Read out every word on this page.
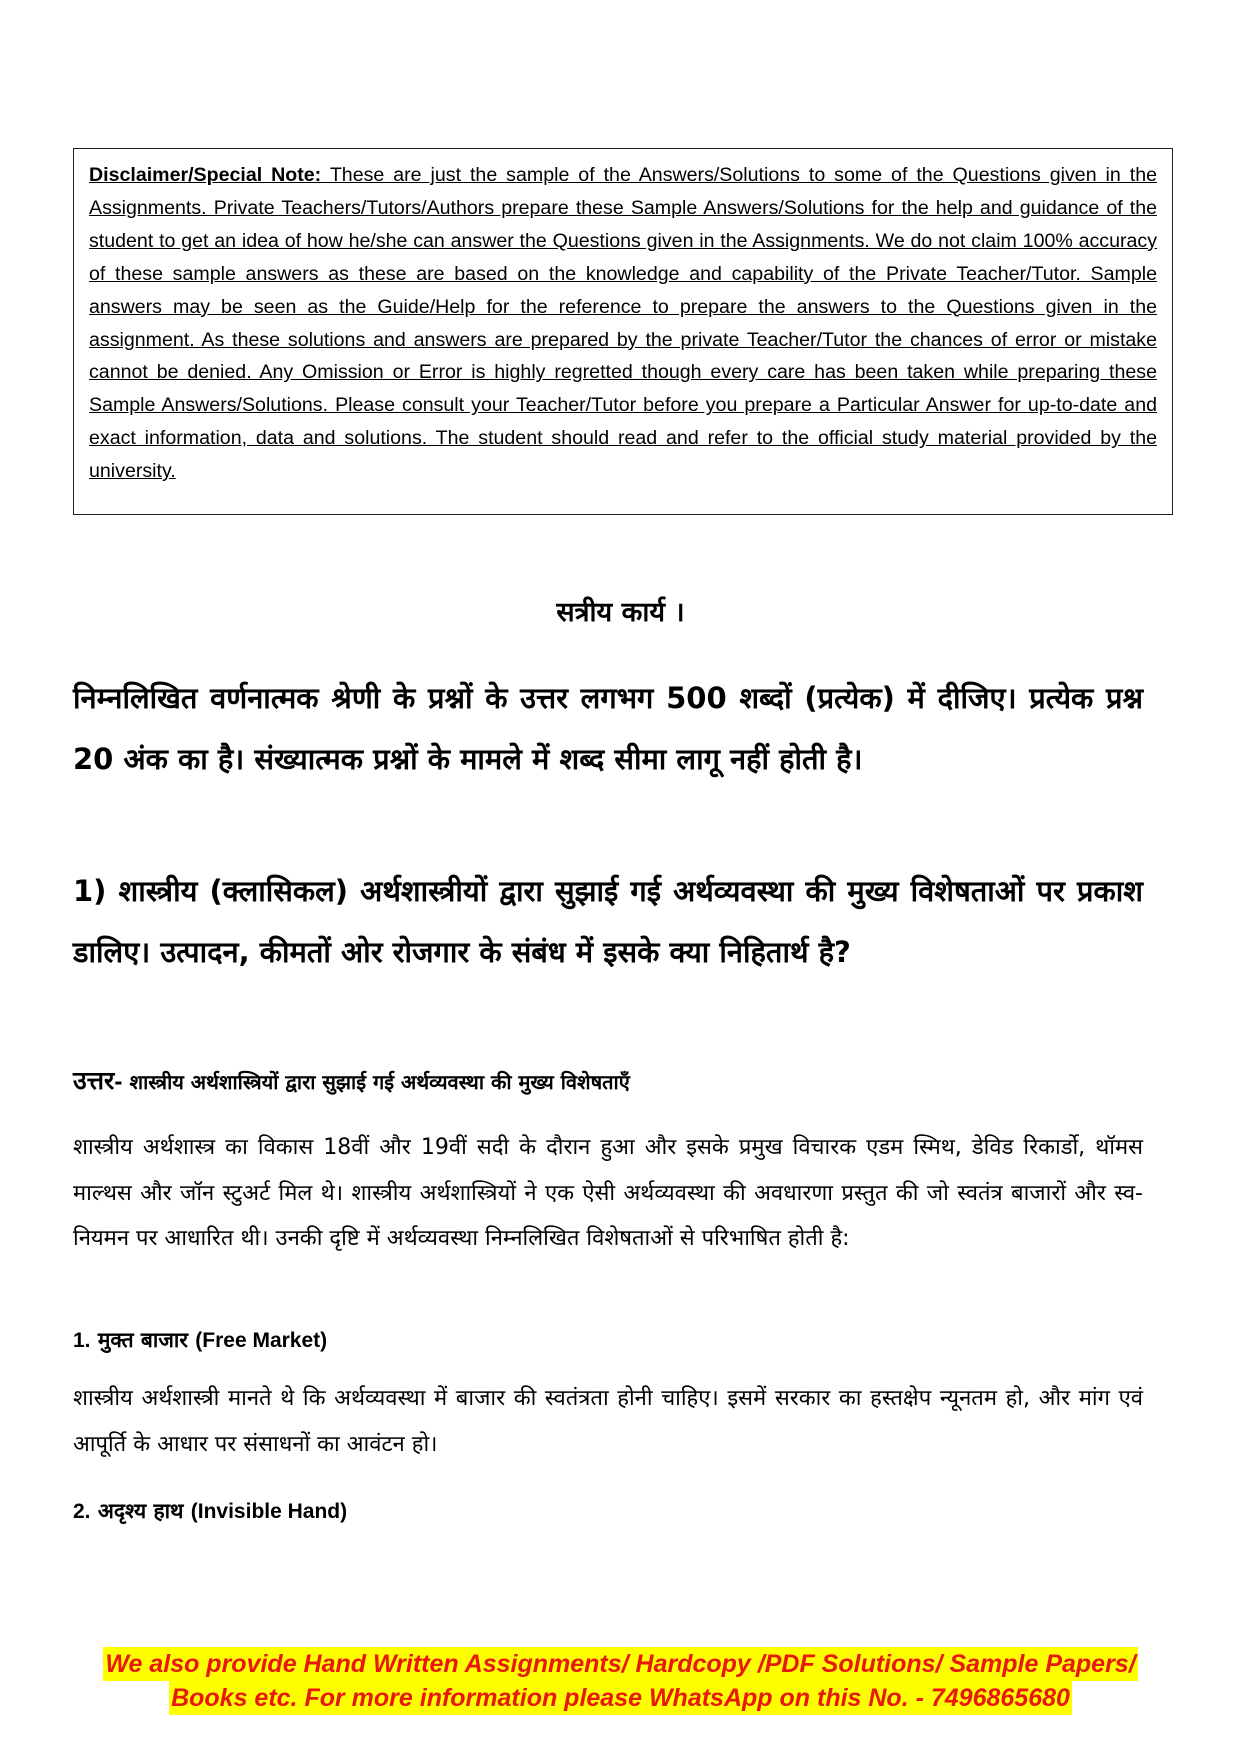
Disclaimer/Special Note: These are just the sample of the Answers/Solutions to some of the Questions given in the Assignments. Private Teachers/Tutors/Authors prepare these Sample Answers/Solutions for the help and guidance of the student to get an idea of how he/she can answer the Questions given in the Assignments. We do not claim 100% accuracy of these sample answers as these are based on the knowledge and capability of the Private Teacher/Tutor. Sample answers may be seen as the Guide/Help for the reference to prepare the answers to the Questions given in the assignment. As these solutions and answers are prepared by the private Teacher/Tutor the chances of error or mistake cannot be denied. Any Omission or Error is highly regretted though every care has been taken while preparing these Sample Answers/Solutions. Please consult your Teacher/Tutor before you prepare a Particular Answer for up-to-date and exact information, data and solutions. The student should read and refer to the official study material provided by the university.
सत्रीय कार्य ।
निम्नलिखित वर्णनात्मक श्रेणी के प्रश्नों के उत्तर लगभग 500 शब्दों (प्रत्येक) में दीजिए। प्रत्येक प्रश्न 20 अंक का है। संख्यात्मक प्रश्नों के मामले में शब्द सीमा लागू नहीं होती है।
1) शास्त्रीय (क्लासिकल) अर्थशास्त्रीयों द्वारा सुझाई गई अर्थव्यवस्था की मुख्य विशेषताओं पर प्रकाश डालिए। उत्पादन, कीमतों ओर रोजगार के संबंध में इसके क्या निहितार्थ है?
उत्तर- शास्त्रीय अर्थशास्त्रियों द्वारा सुझाई गई अर्थव्यवस्था की मुख्य विशेषताएँ
शास्त्रीय अर्थशास्त्र का विकास 18वीं और 19वीं सदी के दौरान हुआ और इसके प्रमुख विचारक एडम स्मिथ, डेविड रिकार्डो, थॉमस माल्थस और जॉन स्टुअर्ट मिल थे। शास्त्रीय अर्थशास्त्रियों ने एक ऐसी अर्थव्यवस्था की अवधारणा प्रस्तुत की जो स्वतंत्र बाजारों और स्व-नियमन पर आधारित थी। उनकी दृष्टि में अर्थव्यवस्था निम्नलिखित विशेषताओं से परिभाषित होती है:
1. मुक्त बाजार (Free Market)
शास्त्रीय अर्थशास्त्री मानते थे कि अर्थव्यवस्था में बाजार की स्वतंत्रता होनी चाहिए। इसमें सरकार का हस्तक्षेप न्यूनतम हो, और मांग एवं आपूर्ति के आधार पर संसाधनों का आवंटन हो।
2. अदृश्य हाथ (Invisible Hand)
We also provide Hand Written Assignments/ Hardcopy /PDF Solutions/ Sample Papers/
Books etc. For more information please WhatsApp on this No. - 7496865680
